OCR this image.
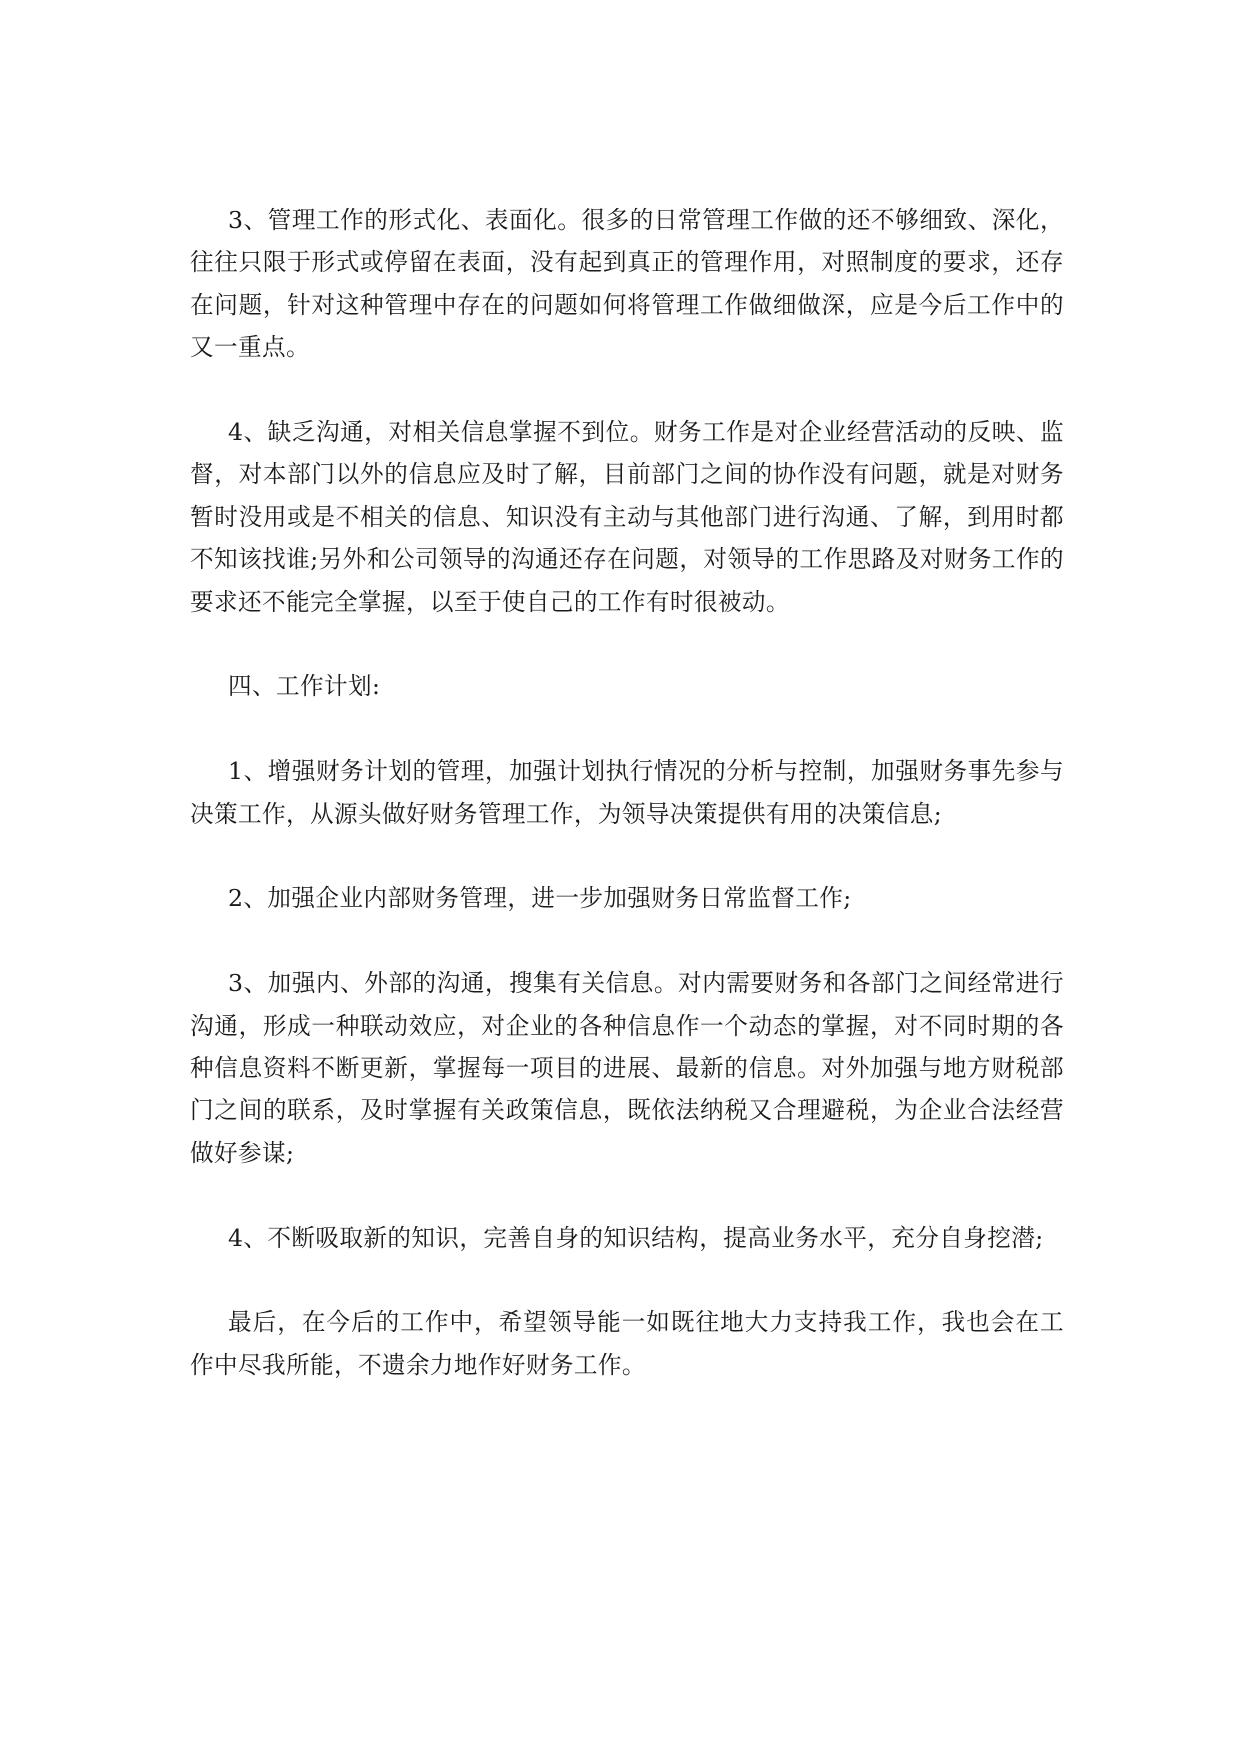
3、管理工作的形式化、表面化。很多的日常管理工作做的还不够细致、深化，往往只限于形式或停留在表面，没有起到真正的管理作用，对照制度的要求，还存在问题，针对这种管理中存在的问题如何将管理工作做细做深，应是今后工作中的又一重点。

4、缺乏沟通，对相关信息掌握不到位。财务工作是对企业经营活动的反映、监督，对本部门以外的信息应及时了解，目前部门之间的协作没有问题，就是对财务暂时没用或是不相关的信息、知识没有主动与其他部门进行沟通、了解，到用时都不知该找谁;另外和公司领导的沟通还存在问题，对领导的工作思路及对财务工作的要求还不能完全掌握，以至于使自己的工作有时很被动。

四、工作计划:

1、增强财务计划的管理，加强计划执行情况的分析与控制，加强财务事先参与决策工作，从源头做好财务管理工作，为领导决策提供有用的决策信息;

2、加强企业内部财务管理，进一步加强财务日常监督工作;

3、加强内、外部的沟通，搜集有关信息。对内需要财务和各部门之间经常进行沟通，形成一种联动效应，对企业的各种信息作一个动态的掌握，对不同时期的各种信息资料不断更新，掌握每一项目的进展、最新的信息。对外加强与地方财税部门之间的联系，及时掌握有关政策信息，既依法纳税又合理避税，为企业合法经营做好参谋;

4、不断吸取新的知识，完善自身的知识结构，提高业务水平，充分自身挖潜;

最后，在今后的工作中，希望领导能一如既往地大力支持我工作，我也会在工作中尽我所能，不遗余力地作好财务工作。
